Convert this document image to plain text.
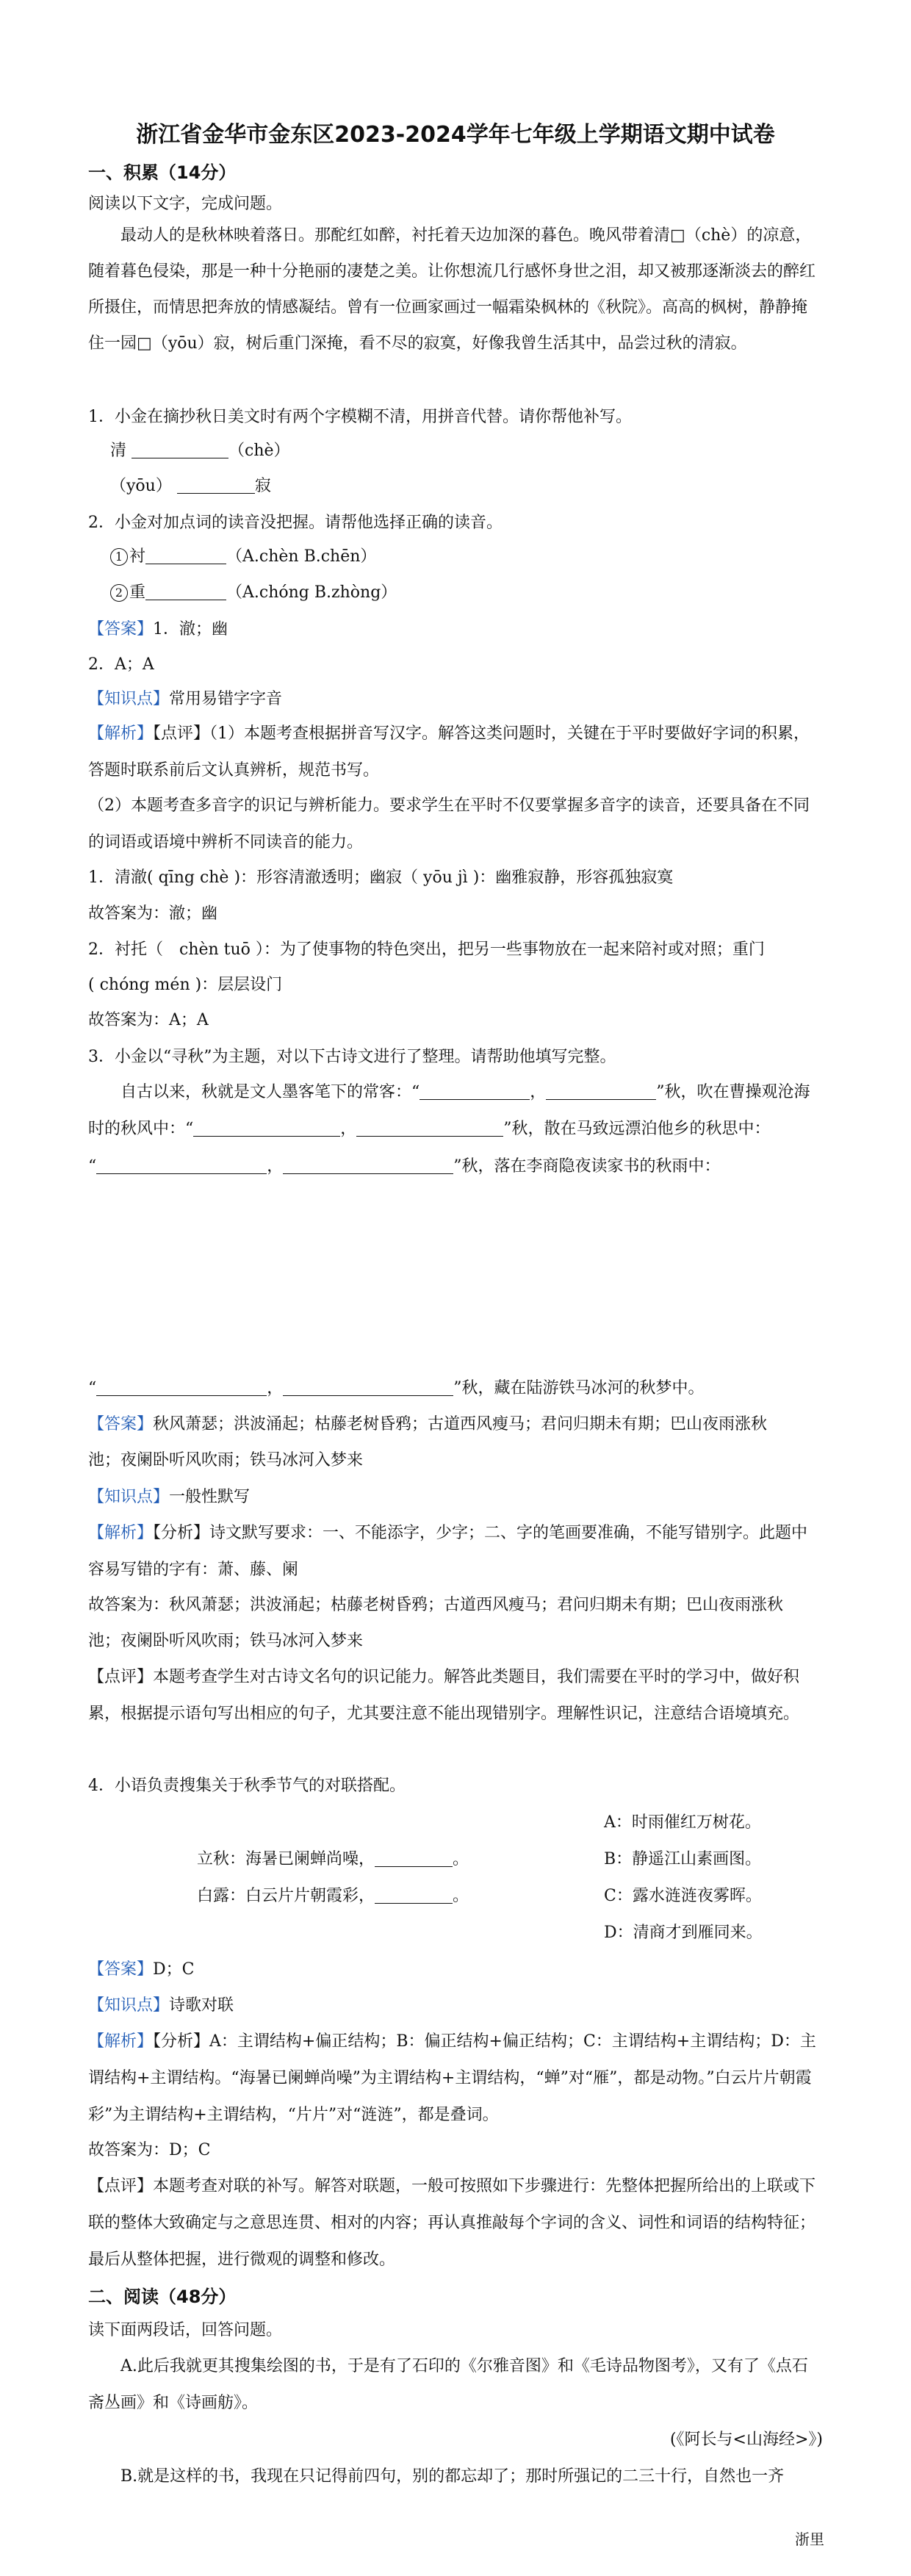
浙江省金华市金东区2023-2024学年七年级上学期语文期中试卷
一、积累（14分）
阅读以下文字，完成问题。
最动人的是秋林映着落日。那酡红如醉，衬托着天边加深的暮色。晚风带着清□（chè）的凉意，随着暮色侵染，那是一种十分艳丽的凄楚之美。让你想流几行感怀身世之泪，却又被那逐渐淡去的醉红所摄住，而情思把奔放的情感凝结。曾有一位画家画过一幅霜染枫林的《秋院》。高高的枫树，静静掩住一园□（yōu）寂，树后重门深掩，看不尽的寂寞，好像我曾生活其中，品尝过秋的清寂。
1．小金在摘抄秋日美文时有两个字模糊不清，用拼音代替。请你帮他补写。
清	（chè）
（yōu）	寂
2．小金对加点词的读音没把握。请帮他选择正确的读音。
1 衬	（A.chèn B.chēn）
2 重	（A.chóng B.zhòng）
【答案】1．澈；幽
2．A；A
【知识点】常用易错字字音
【解析】【点评】（1）本题考查根据拼音写汉字。解答这类问题时，关键在于平时要做好字词的积累，答题时联系前后文认真辨析，规范书写。
（2）本题考查多音字的识记与辨析能力。要求学生在平时不仅要掌握多音字的读音，还要具备在不同的词语或语境中辨析不同读音的能力。
1．清澈( qīng chè )：形容清澈透明；幽寂（ yōu jì )：幽雅寂静，形容孤独寂寞
故答案为：澈；幽
2．衬托（　chèn tuō ）：为了使事物的特色突出，把另一些事物放在一起来陪衬或对照；重门
( chóng mén )：层层设门
故答案为：A；A
3．小金以“寻秋”为主题，对以下古诗文进行了整理。请帮助他填写完整。
自古以来，秋就是文人墨客笔下的常客：“	，	”秋，吹在曹操观沧海
时的秋风中：“	，	”秋，散在马致远漂泊他乡的秋思中：
“	，	”秋，落在李商隐夜读家书的秋雨中：
“	，	”秋，藏在陆游铁马冰河的秋梦中。
【答案】秋风萧瑟；洪波涌起；枯藤老树昏鸦；古道西风瘦马；君问归期未有期；巴山夜雨涨秋
池；夜阑卧听风吹雨；铁马冰河入梦来
【知识点】一般性默写
【解析】【分析】诗文默写要求：一、不能添字，少字；二、字的笔画要准确，不能写错别字。此题中容易写错的字有：萧、藤、阑
故答案为：秋风萧瑟；洪波涌起；枯藤老树昏鸦；古道西风瘦马；君问归期未有期；巴山夜雨涨秋
池；夜阑卧听风吹雨；铁马冰河入梦来
【点评】本题考查学生对古诗文名句的识记能力。解答此类题目，我们需要在平时的学习中，做好积累，根据提示语句写出相应的句子，尤其要注意不能出现错别字。理解性识记，注意结合语境填充。
4．小语负责搜集关于秋季节气的对联搭配。
A：时雨催红万树花。
立秋：海暑已阑蝉尚噪，	。	B：静遥江山素画图。
白露：白云片片朝霞彩，	。	C：露水涟涟夜雾晖。
D：清商才到雁同来。
【答案】D；C
【知识点】诗歌对联
【解析】【分析】A：主谓结构+偏正结构；B：偏正结构+偏正结构；C：主谓结构+主谓结构；D：主谓结构+主谓结构。“海暑已阑蝉尚噪”为主谓结构+主谓结构，“蝉”对“雁”，都是动物。”白云片片朝霞彩”为主谓结构+主谓结构，“片片”对“涟涟”，都是叠词。
故答案为：D；C
【点评】本题考查对联的补写。解答对联题，一般可按照如下步骤进行：先整体把握所给出的上联或下联的整体大致确定与之意思连贯、相对的内容；再认真推敲每个字词的含义、词性和词语的结构特征；最后从整体把握，进行微观的调整和修改。
二、阅读（48分）
读下面两段话，回答问题。
A.此后我就更其搜集绘图的书，于是有了石印的《尔雅音图》和《毛诗品物图考》，又有了《点石斋丛画》和《诗画舫》。
(《阿长与<山海经>》)
B.就是这样的书，我现在只记得前四句，别的都忘却了；那时所强记的二三十行，自然也一齐
浙里
